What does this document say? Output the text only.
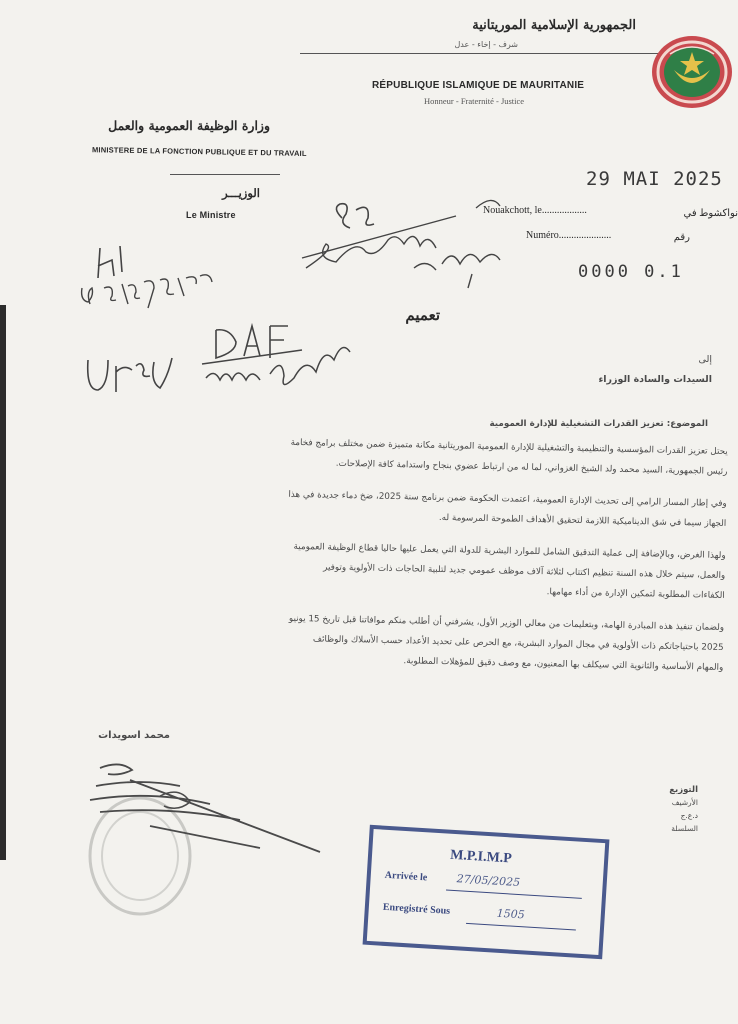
الجمهورية الإسلامية الموريتانية
شرف - إخاء - عدل
RÉPUBLIQUE ISLAMIQUE DE MAURITANIE
Honneur - Fraternité - Justice
وزارة الوظيفة العمومية والعمل
MINISTERE DE LA FONCTION PUBLIQUE ET DU TRAVAIL
الوزيـــر
Le Ministre
29 MAI 2025
Nouakchott, le..................	نواكشوط في
Numéro.....................	رقم
0000 0.1
تعميم
إلى
السيدات والسادة الوزراء
الموضوع: تعزيز القدرات التشغيلية للإدارة العمومية
يحتل تعزيز القدرات المؤسسية والتنظيمية والتشغيلية للإدارة العمومية الموريتانية مكانة متميزة ضمن مختلف برامج فخامة
رئيس الجمهورية، السيد محمد ولد الشيخ الغزواني، لما له من ارتباط عضوي بنجاح واستدامة كافة الإصلاحات.
وفي إطار المسار الرامي إلى تحديث الإدارة العمومية، اعتمدت الحكومة ضمن برنامج سنة 2025، ضخ دماء جديدة في هذا
الجهاز سيما في شق الديناميكية اللازمة لتحقيق الأهداف الطموحة المرسومة له.
ولهذا الغرض، وبالإضافة إلى عملية التدقيق الشامل للموارد البشرية للدولة التي يعمل عليها حاليا قطاع الوظيفة العمومية
والعمل، سيتم خلال هذه السنة تنظيم اكتتاب لثلاثة آلاف موظف عمومي جديد لتلبية الحاجات ذات الأولوية وتوفير
الكفاءات المطلوبة لتمكين الإدارة من أداء مهامها.
ولضمان تنفيذ هذه المبادرة الهامة، وبتعليمات من معالي الوزير الأول، يشرفني أن أطلب منكم موافاتنا قبل تاريخ 15 يونيو
2025 باحتياجاتكم ذات الأولوية في مجال الموارد البشرية، مع الحرص على تحديد الأعداد حسب الأسلاك والوظائف
والمهام الأساسية والثانوية التي سيكلف بها المعنيون، مع وصف دقيق للمؤهلات المطلوبة.
محمد اسويدات
التوزيع
الأرشيف
د.ع.ج
السلسلة
M.P.I.M.P
Arrivée le	27/05/2025
Enregistré Sous	1505
